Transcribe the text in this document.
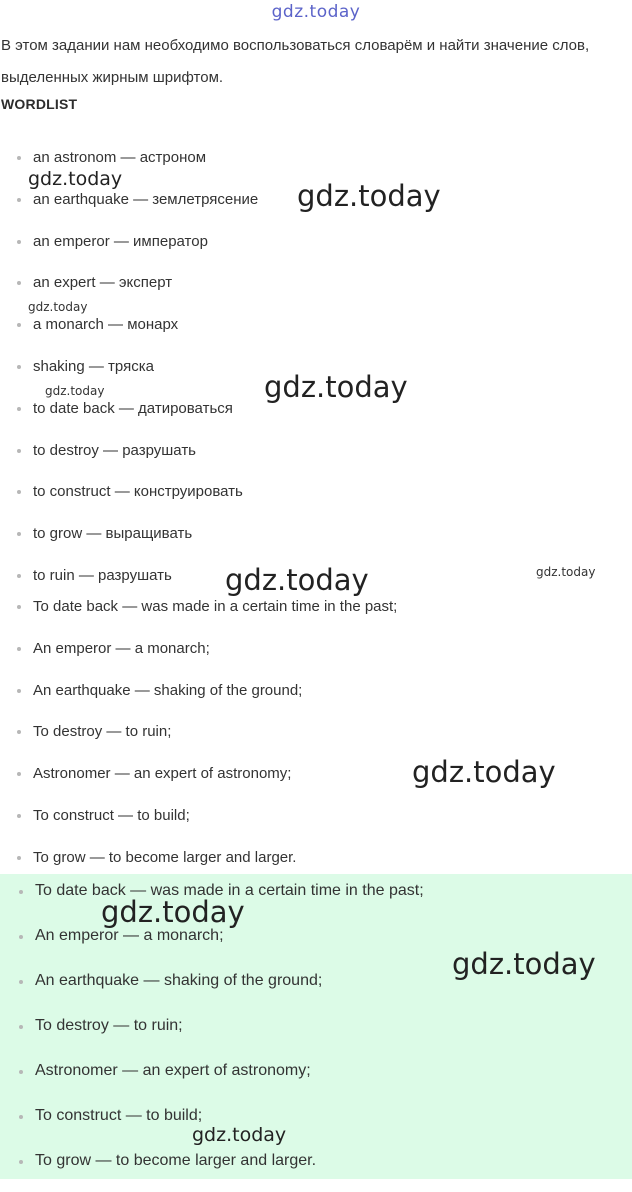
gdz.today
В этом задании нам необходимо воспользоваться словарём и найти значение слов, выделенных жирным шрифтом.
WORDLIST
an astronom — астроном
an earthquake — землетрясение
an emperor — император
an expert — эксперт
a monarch — монарх
shaking — тряска
to date back — датироваться
to destroy — разрушать
to construct — конструировать
to grow — выращивать
to ruin — разрушать
To date back — was made in a certain time in the past;
An emperor — a monarch;
An earthquake — shaking of the ground;
To destroy — to ruin;
Astronomer — an expert of astronomy;
To construct — to build;
To grow — to become larger and larger.
To date back — was made in a certain time in the past;
An emperor — a monarch;
An earthquake — shaking of the ground;
To destroy — to ruin;
Astronomer — an expert of astronomy;
To construct — to build;
To grow — to become larger and larger.
gdz.today	gdz.today
gdz.today
gdz.today	gdz.today
gdz.today	gdz.today
gdz.today
gdz.today
gdz.today
gdz.today
